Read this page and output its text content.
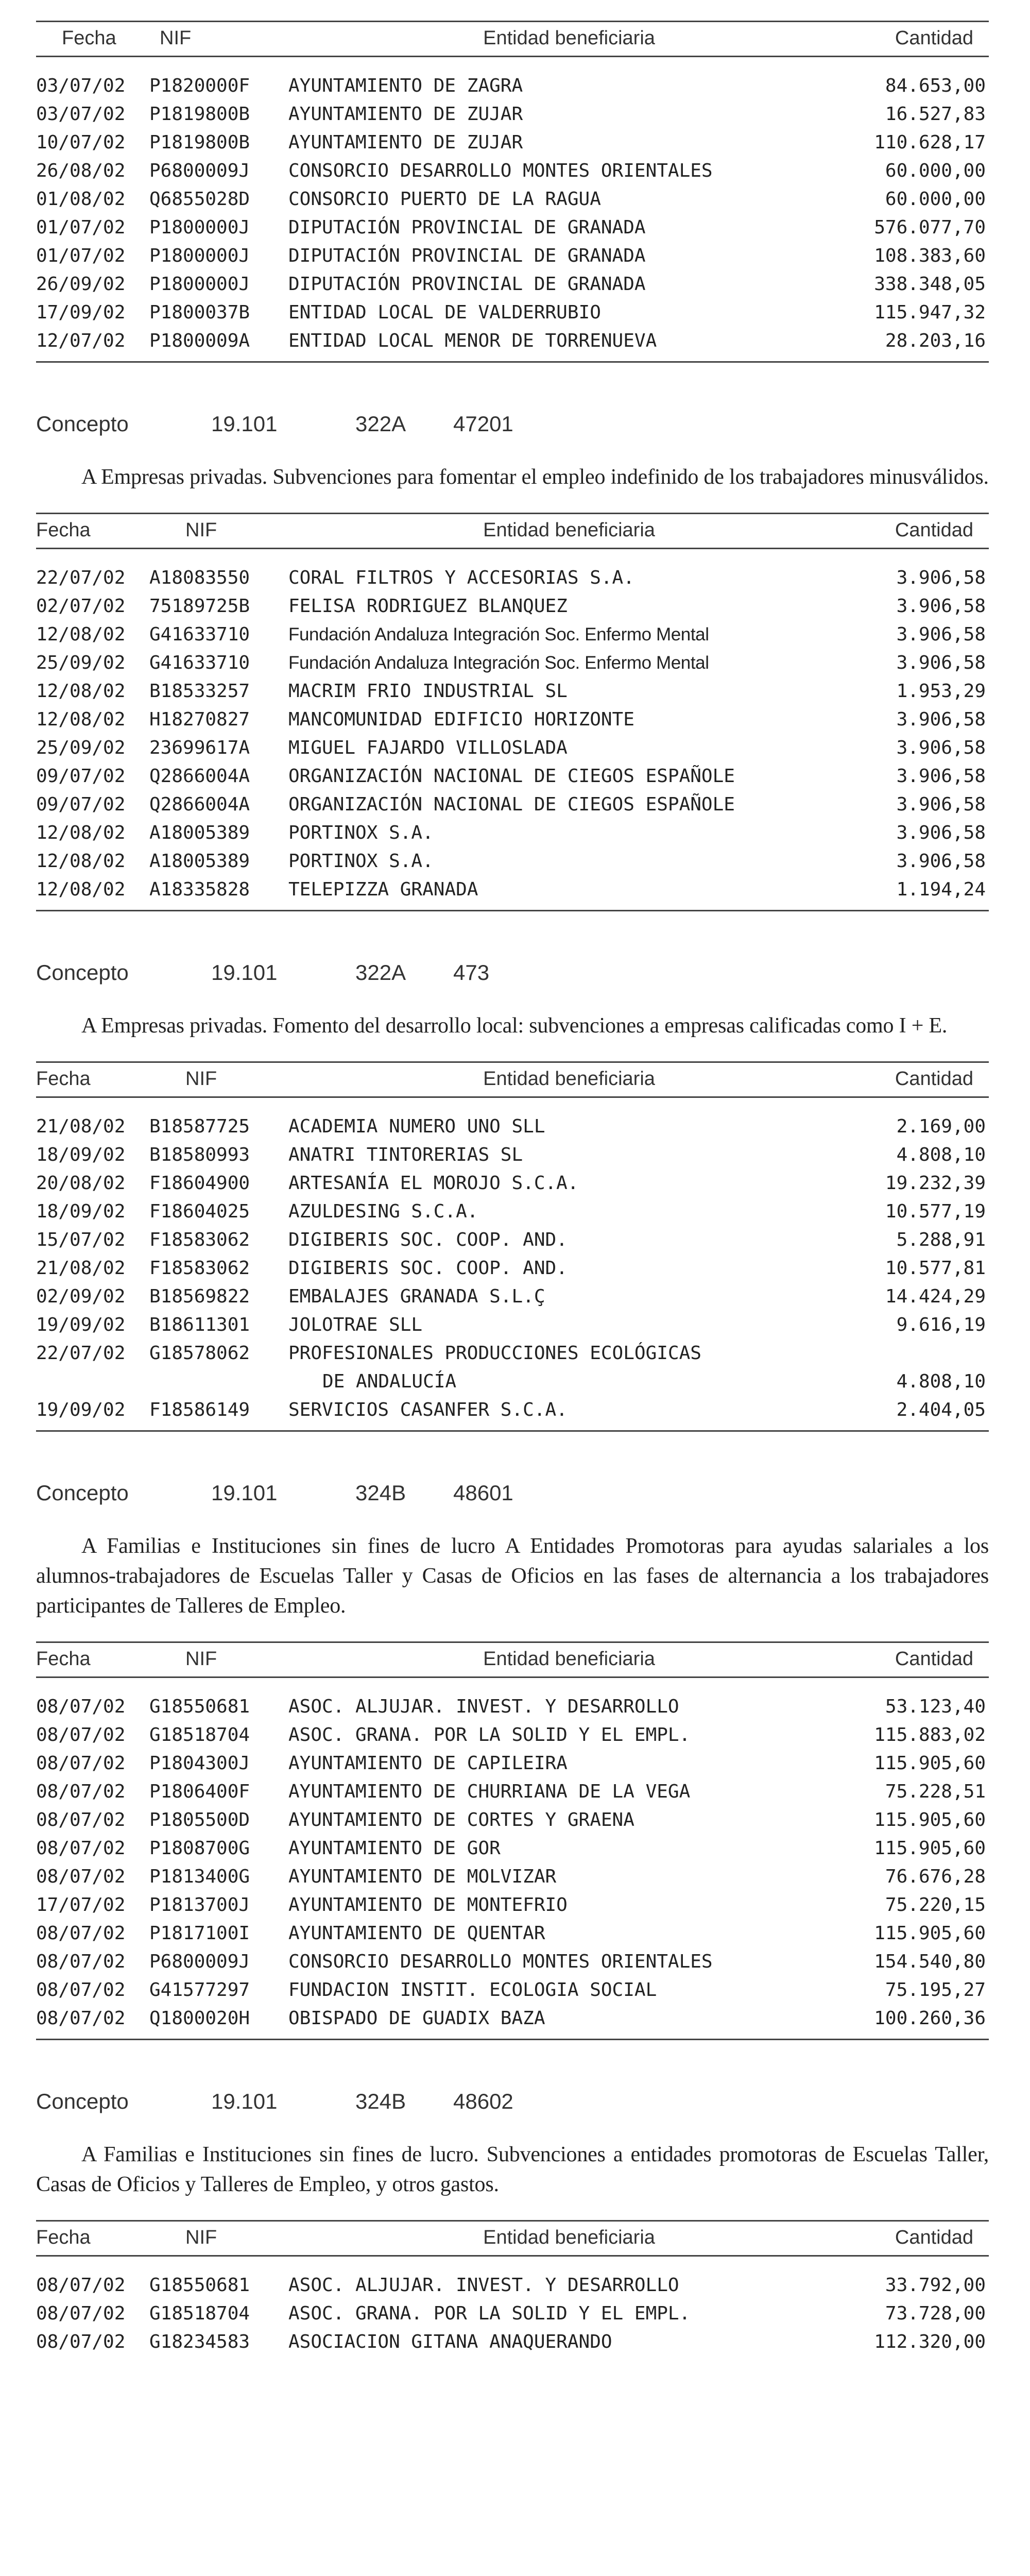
Fecha	NIF	Entidad beneficiaria	Cantidad

03/07/02	P1820000F	AYUNTAMIENTO DE ZAGRA	84.653,00
03/07/02	P1819800B	AYUNTAMIENTO DE ZUJAR	16.527,83
10/07/02	P1819800B	AYUNTAMIENTO DE ZUJAR	110.628,17
26/08/02	P6800009J	CONSORCIO DESARROLLO MONTES ORIENTALES	60.000,00
01/08/02	Q6855028D	CONSORCIO PUERTO DE LA RAGUA	60.000,00
01/07/02	P1800000J	DIPUTACIÓN PROVINCIAL DE GRANADA	576.077,70
01/07/02	P1800000J	DIPUTACIÓN PROVINCIAL DE GRANADA	108.383,60
26/09/02	P1800000J	DIPUTACIÓN PROVINCIAL DE GRANADA	338.348,05
17/09/02	P1800037B	ENTIDAD LOCAL DE VALDERRUBIO	115.947,32
12/07/02	P1800009A	ENTIDAD LOCAL MENOR DE TORRENUEVA	28.203,16

Concepto	19.101	322A 47201

A Empresas privadas. Subvenciones para fomentar el empleo indefinido de los trabajadores minusválidos.

Fecha	NIF	Entidad beneficiaria	Cantidad

22/07/02	A18083550	CORAL FILTROS Y ACCESORIAS S.A.	3.906,58
02/07/02	75189725B	FELISA RODRIGUEZ BLANQUEZ	3.906,58
12/08/02	G41633710	Fundación Andaluza Integración Soc. Enfermo Mental	3.906,58
25/09/02	G41633710	Fundación Andaluza Integración Soc. Enfermo Mental	3.906,58
12/08/02	B18533257	MACRIM FRIO INDUSTRIAL SL	1.953,29
12/08/02	H18270827	MANCOMUNIDAD EDIFICIO HORIZONTE	3.906,58
25/09/02	23699617A	MIGUEL FAJARDO VILLOSLADA	3.906,58
09/07/02	Q2866004A	ORGANIZACIÓN NACIONAL DE CIEGOS ESPAÑOLE	3.906,58
09/07/02	Q2866004A	ORGANIZACIÓN NACIONAL DE CIEGOS ESPAÑOLE	3.906,58
12/08/02	A18005389	PORTINOX S.A.	3.906,58
12/08/02	A18005389	PORTINOX S.A.	3.906,58
12/08/02	A18335828	TELEPIZZA GRANADA	1.194,24

Concepto	19.101	322A 473

A Empresas privadas. Fomento del desarrollo local: subvenciones a empresas calificadas como I + E.

Fecha	NIF	Entidad beneficiaria	Cantidad

21/08/02	B18587725	ACADEMIA NUMERO UNO SLL	2.169,00
18/09/02	B18580993	ANATRI TINTORERIAS SL	4.808,10
20/08/02	F18604900	ARTESANÍA EL MOROJO S.C.A.	19.232,39
18/09/02	F18604025	AZULDESING S.C.A.	10.577,19
15/07/02	F18583062	DIGIBERIS SOC. COOP. AND.	5.288,91
21/08/02	F18583062	DIGIBERIS SOC. COOP. AND.	10.577,81
02/09/02	B18569822	EMBALAJES GRANADA S.L.Ç	14.424,29
19/09/02	B18611301	JOLOTRAE SLL	9.616,19
22/07/02	G18578062	PROFESIONALES PRODUCCIONES ECOLÓGICAS	
		DE ANDALUCÍA	4.808,10
19/09/02	F18586149	SERVICIOS CASANFER S.C.A.	2.404,05

Concepto	19.101	324B 48601

A Familias e Instituciones sin fines de lucro A Entidades Promotoras para ayudas salariales a los alumnos-trabajadores de Escuelas Taller y Casas de Oficios en las fases de alternancia a los trabajadores participantes de Talleres de Empleo.

Fecha	NIF	Entidad beneficiaria	Cantidad

08/07/02	G18550681	ASOC. ALJUJAR. INVEST. Y DESARROLLO	53.123,40
08/07/02	G18518704	ASOC. GRANA. POR LA SOLID Y EL EMPL.	115.883,02
08/07/02	P1804300J	AYUNTAMIENTO DE CAPILEIRA	115.905,60
08/07/02	P1806400F	AYUNTAMIENTO DE CHURRIANA DE LA VEGA	75.228,51
08/07/02	P1805500D	AYUNTAMIENTO DE CORTES Y GRAENA	115.905,60
08/07/02	P1808700G	AYUNTAMIENTO DE GOR	115.905,60
08/07/02	P1813400G	AYUNTAMIENTO DE MOLVIZAR	76.676,28
17/07/02	P1813700J	AYUNTAMIENTO DE MONTEFRIO	75.220,15
08/07/02	P1817100I	AYUNTAMIENTO DE QUENTAR	115.905,60
08/07/02	P6800009J	CONSORCIO DESARROLLO MONTES ORIENTALES	154.540,80
08/07/02	G41577297	FUNDACION INSTIT. ECOLOGIA SOCIAL	75.195,27
08/07/02	Q1800020H	OBISPADO DE GUADIX BAZA	100.260,36

Concepto	19.101	324B 48602

A Familias e Instituciones sin fines de lucro. Subvenciones a entidades promotoras de Escuelas Taller, Casas de Oficios y Talleres de Empleo, y otros gastos.

Fecha	NIF	Entidad beneficiaria	Cantidad

08/07/02	G18550681	ASOC. ALJUJAR. INVEST. Y DESARROLLO	33.792,00
08/07/02	G18518704	ASOC. GRANA. POR LA SOLID Y EL EMPL.	73.728,00
08/07/02	G18234583	ASOCIACION GITANA ANAQUERANDO	112.320,00
